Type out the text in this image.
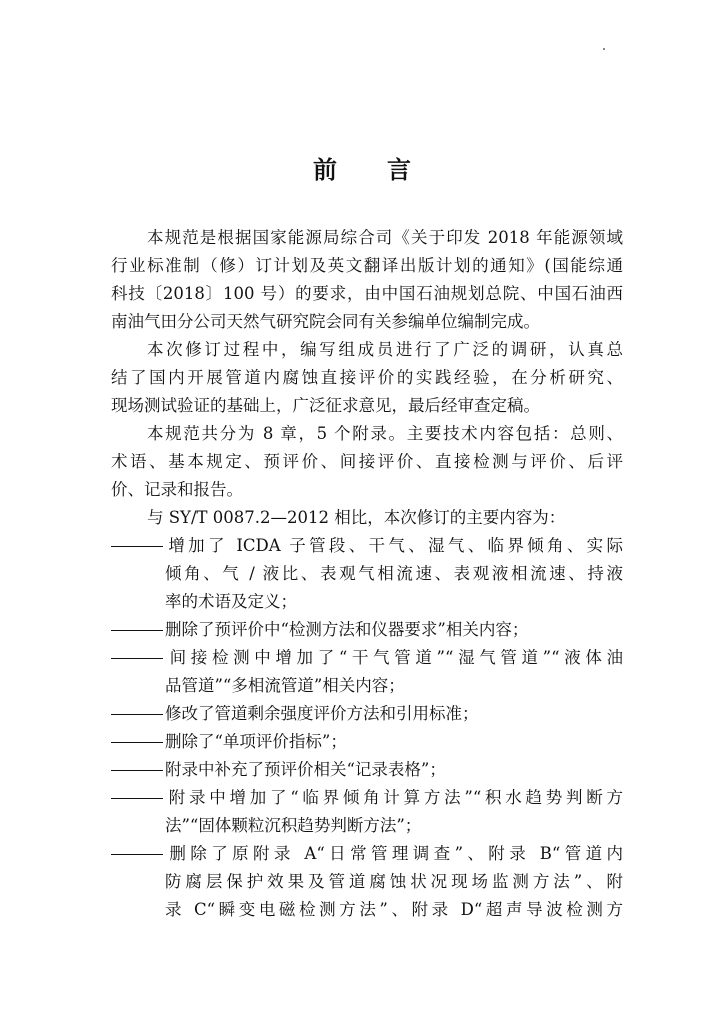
前 言
本规范是根据国家能源局综合司《关于印发 2018 年能源领域
行业标准制（修）订计划及英文翻译出版计划的通知》(国能综通
科技〔2018〕100 号）的要求，由中国石油规划总院、中国石油西
南油气田分公司天然气研究院会同有关参编单位编制完成。
本次修订过程中，编写组成员进行了广泛的调研，认真总
结了国内开展管道内腐蚀直接评价的实践经验，在分析研究、
现场测试验证的基础上，广泛征求意见，最后经审查定稿。
本规范共分为 8 章，5 个附录。主要技术内容包括：总则、
术语、基本规定、预评价、间接评价、直接检测与评价、后评
价、记录和报告。
与 SY/T 0087.2—2012 相比，本次修订的主要内容为：
增加了 ICDA 子管段、干气、湿气、临界倾角、实际
倾角、气 / 液比、表观气相流速、表观液相流速、持液
率的术语及定义；
删除了预评价中“检测方法和仪器要求”相关内容；
间接检测中增加了“干气管道”“湿气管道”“液体油
品管道”“多相流管道”相关内容；
修改了管道剩余强度评价方法和引用标准；
删除了“单项评价指标”；
附录中补充了预评价相关“记录表格”；
附录中增加了“临界倾角计算方法”“积水趋势判断方
法”“固体颗粒沉积趋势判断方法”；
删除了原附录 A“日常管理调查”、附录 B“管道内
防腐层保护效果及管道腐蚀状况现场监测方法”、附
录 C“瞬变电磁检测方法”、附录 D“超声导波检测方
